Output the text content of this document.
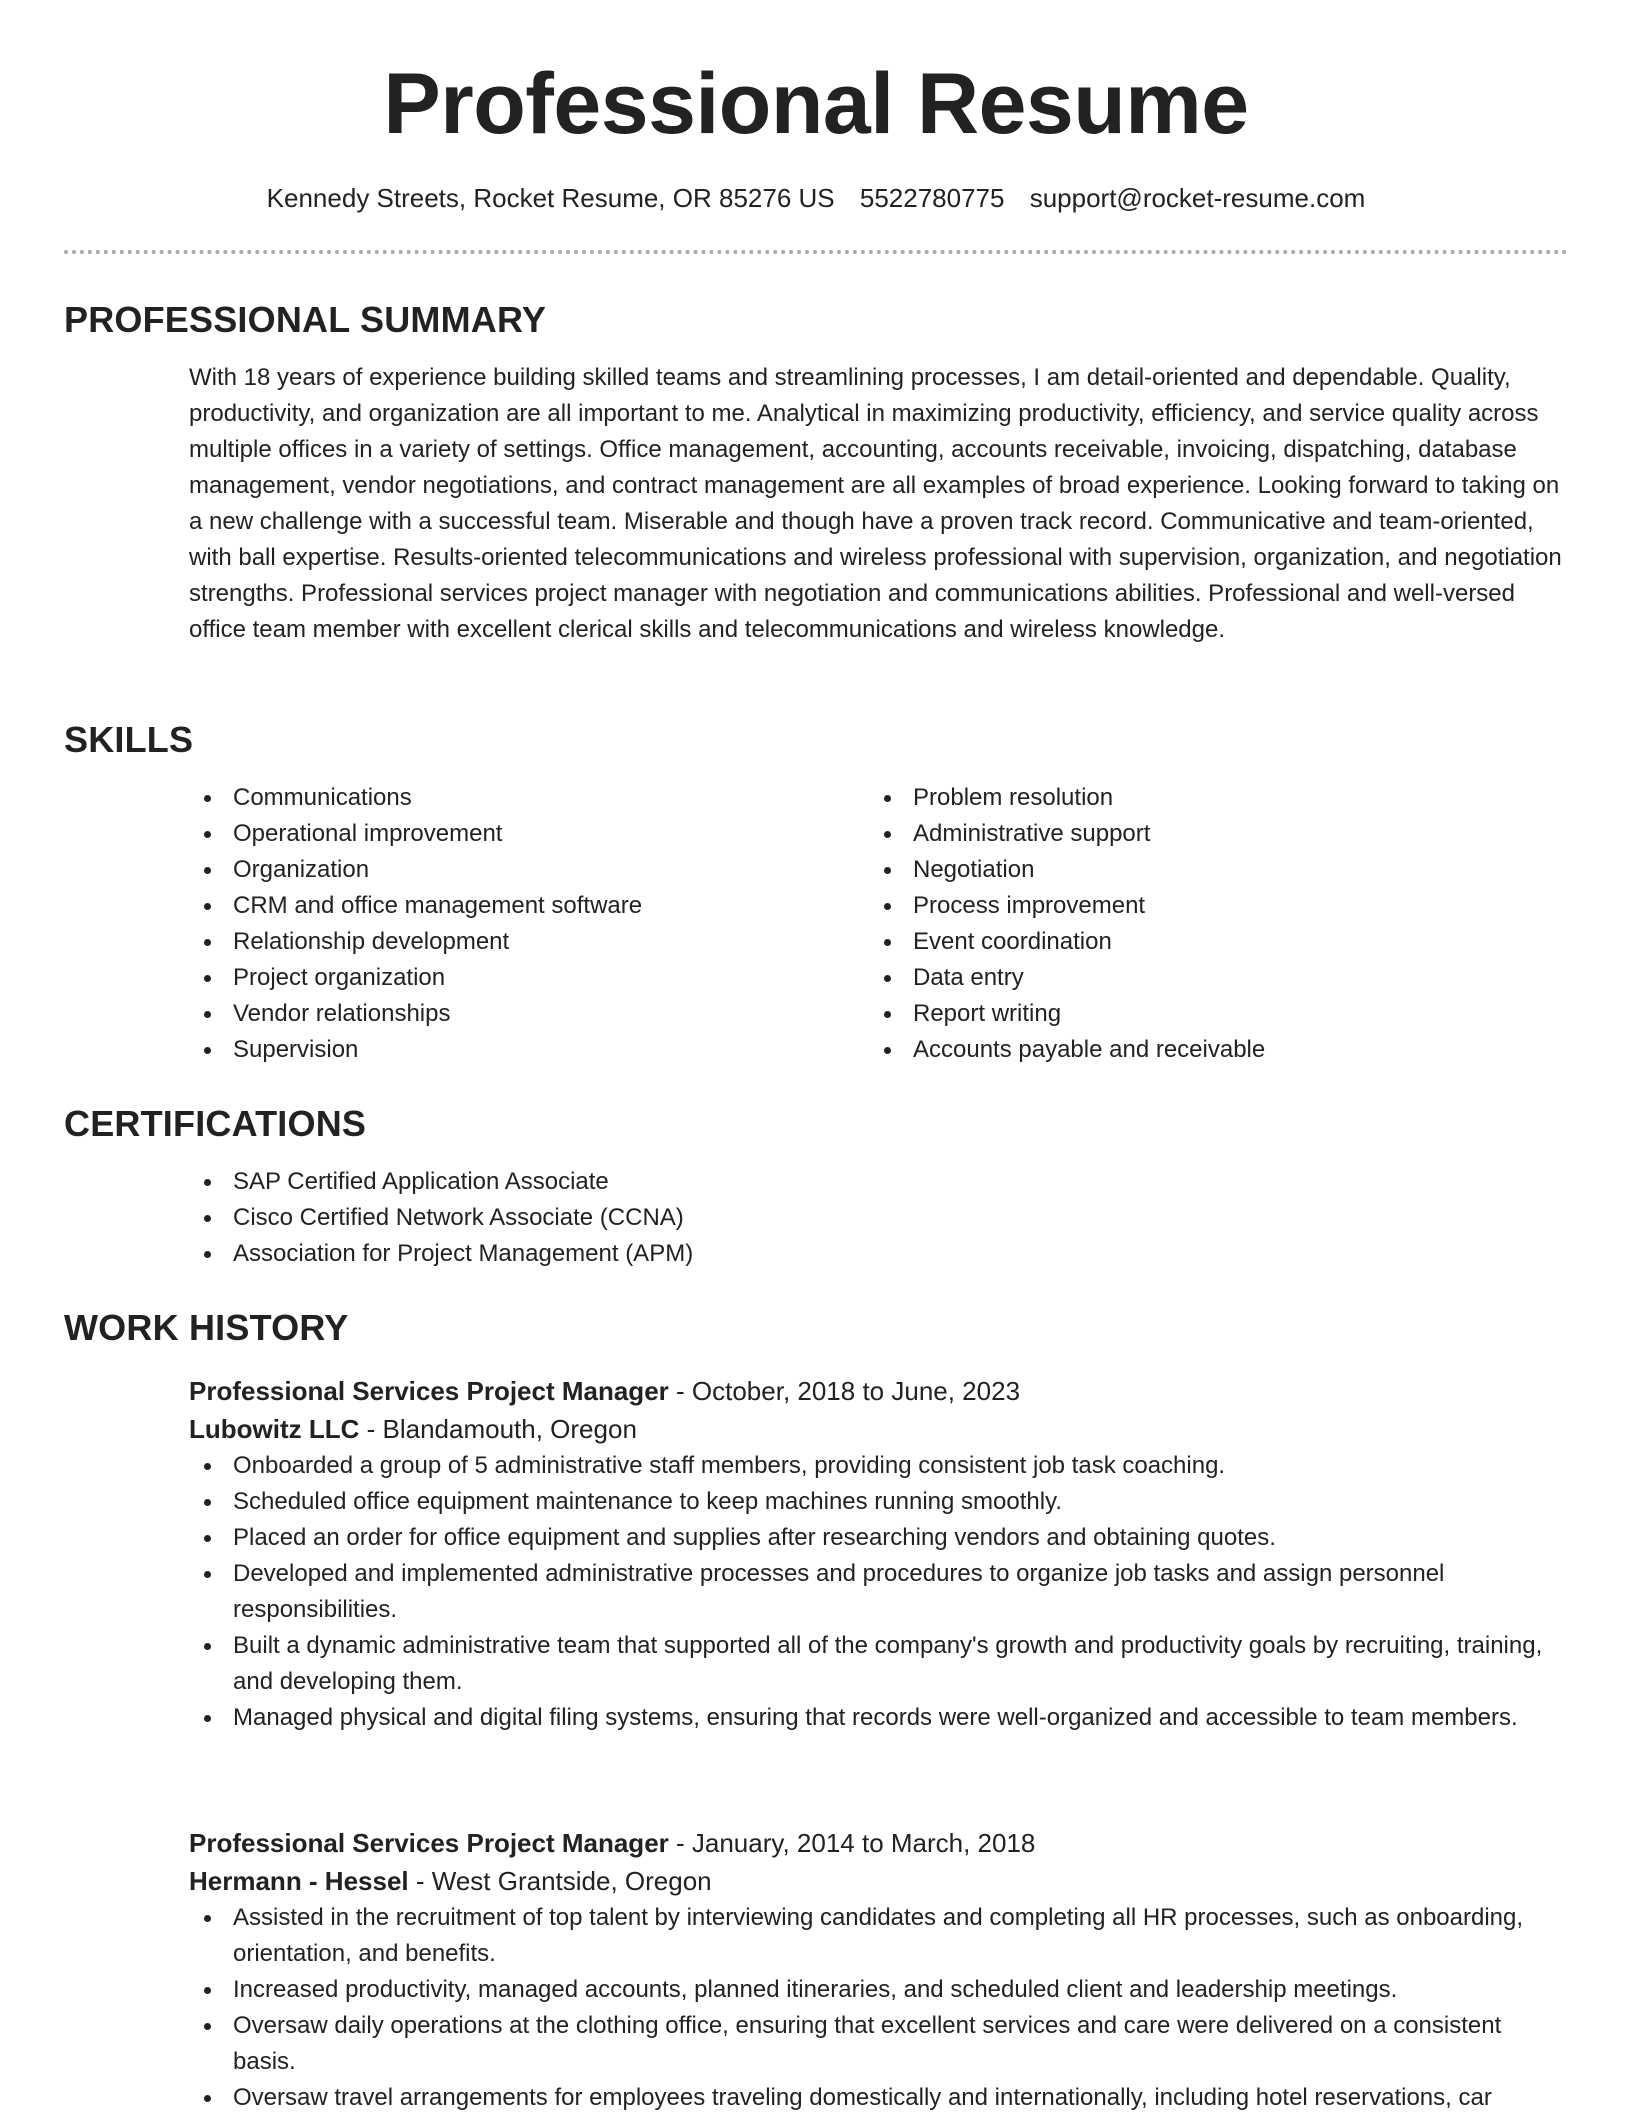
Professional Resume
Kennedy Streets, Rocket Resume, OR 85276 US 5522780775 support@rocket-resume.com
PROFESSIONAL SUMMARY

With 18 years of experience building skilled teams and streamlining processes, I am detail-oriented and dependable. Quality, productivity, and organization are all important to me. Analytical in maximizing productivity, efficiency, and service quality across multiple offices in a variety of settings. Office management, accounting, accounts receivable, invoicing, dispatching, database management, vendor negotiations, and contract management are all examples of broad experience. Looking forward to taking on a new challenge with a successful team. Miserable and though have a proven track record. Communicative and team-oriented, with ball expertise. Results-oriented telecommunications and wireless professional with supervision, organization, and negotiation strengths. Professional services project manager with negotiation and communications abilities. Professional and well-versed office team member with excellent clerical skills and telecommunications and wireless knowledge.

SKILLS
Communications
Operational improvement
Organization
CRM and office management software
Relationship development
Project organization
Vendor relationships
Supervision
Problem resolution
Administrative support
Negotiation
Process improvement
Event coordination
Data entry
Report writing
Accounts payable and receivable
CERTIFICATIONS
SAP Certified Application Associate
Cisco Certified Network Associate (CCNA)
Association for Project Management (APM)
WORK HISTORY

Professional Services Project Manager - October, 2018 to June, 2023

Lubowitz LLC - Blandamouth, Oregon

Onboarded a group of 5 administrative staff members, providing consistent job task coaching.
Scheduled office equipment maintenance to keep machines running smoothly.
Placed an order for office equipment and supplies after researching vendors and obtaining quotes.
Developed and implemented administrative processes and procedures to organize job tasks and assign personnel responsibilities.
Built a dynamic administrative team that supported all of the company's growth and productivity goals by recruiting, training, and developing them.
Managed physical and digital filing systems, ensuring that records were well-organized and accessible to team members.

Professional Services Project Manager - January, 2014 to March, 2018

Hermann - Hessel - West Grantside, Oregon

Assisted in the recruitment of top talent by interviewing candidates and completing all HR processes, such as onboarding, orientation, and benefits.
Increased productivity, managed accounts, planned itineraries, and scheduled client and leadership meetings.
Oversaw daily operations at the clothing office, ensuring that excellent services and care were delivered on a consistent basis.
Oversaw travel arrangements for employees traveling domestically and internationally, including hotel reservations, car
